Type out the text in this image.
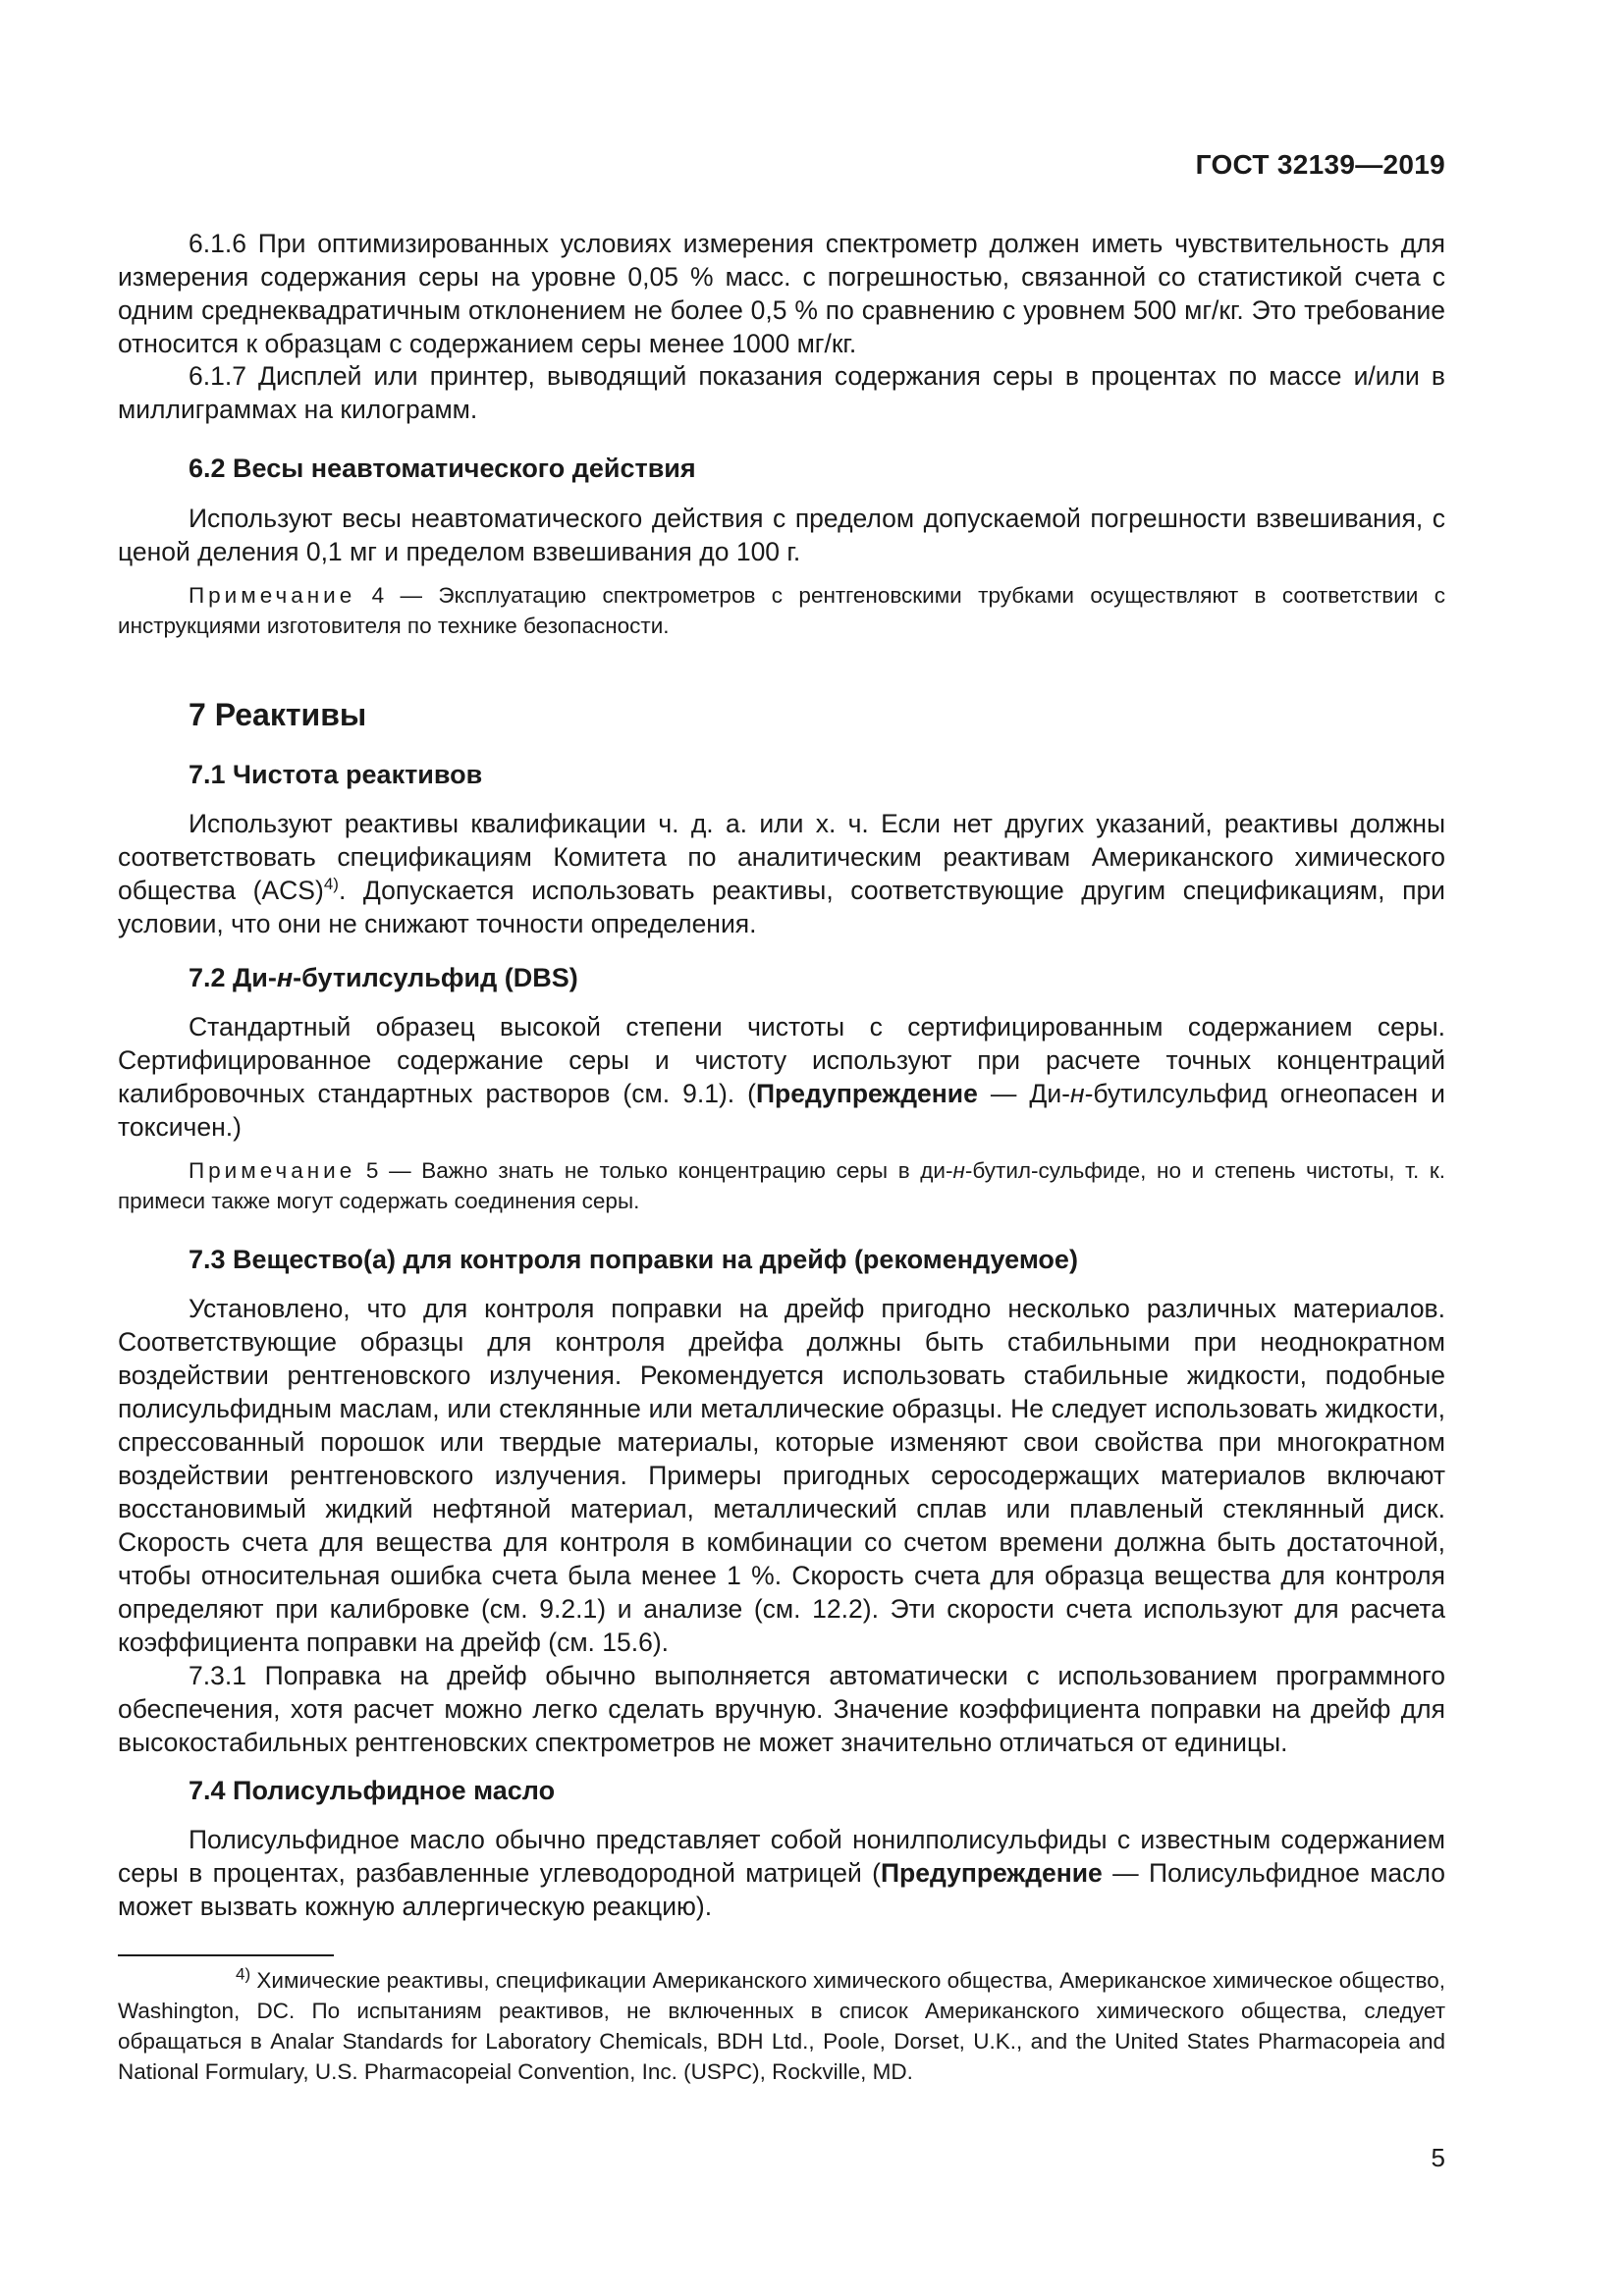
ГОСТ 32139—2019

6.1.6 При оптимизированных условиях измерения спектрометр должен иметь чувствительность для измерения содержания серы на уровне 0,05 % масс. с погрешностью, связанной со статистикой счета с одним среднеквадратичным отклонением не более 0,5 % по сравнению с уровнем 500 мг/кг. Это требование относится к образцам с содержанием серы менее 1000 мг/кг.

6.1.7 Дисплей или принтер, выводящий показания содержания серы в процентах по массе и/или в миллиграммах на килограмм.

6.2 Весы неавтоматического действия

Используют весы неавтоматического действия с пределом допускаемой погрешности взвешивания, с ценой деления 0,1 мг и пределом взвешивания до 100 г.

Примечание 4 — Эксплуатацию спектрометров с рентгеновскими трубками осуществляют в соответствии с инструкциями изготовителя по технике безопасности.

7 Реактивы
7.1 Чистота реактивов

Используют реактивы квалификации ч. д. а. или х. ч. Если нет других указаний, реактивы должны соответствовать спецификациям Комитета по аналитическим реактивам Американского химического общества (ACS)$^{4)}$. Допускается использовать реактивы, соответствующие другим спецификациям, при условии, что они не снижают точности определения.

7.2 Ди-н-бутилсульфид (DBS)

Стандартный образец высокой степени чистоты с сертифицированным содержанием серы. Сертифицированное содержание серы и чистоту используют при расчете точных концентраций калибровочных стандартных растворов (см. 9.1). (Предупреждение — Ди-н-бутилсульфид огнеопасен и токсичен.)

Примечание 5 — Важно знать не только концентрацию серы в ди-н-бутил-сульфиде, но и степень чистоты, т. к. примеси также могут содержать соединения серы.

7.3 Вещество(а) для контроля поправки на дрейф (рекомендуемое)

Установлено, что для контроля поправки на дрейф пригодно несколько различных материалов. Соответствующие образцы для контроля дрейфа должны быть стабильными при неоднократном воздействии рентгеновского излучения. Рекомендуется использовать стабильные жидкости, подобные полисульфидным маслам, или стеклянные или металлические образцы. Не следует использовать жидкости, спрессованный порошок или твердые материалы, которые изменяют свои свойства при многократном воздействии рентгеновского излучения. Примеры пригодных серосодержащих материалов включают восстановимый жидкий нефтяной материал, металлический сплав или плавленый стеклянный диск. Скорость счета для вещества для контроля в комбинации со счетом времени должна быть достаточной, чтобы относительная ошибка счета была менее 1 %. Скорость счета для образца вещества для контроля определяют при калибровке (см. 9.2.1) и анализе (см. 12.2). Эти скорости счета используют для расчета коэффициента поправки на дрейф (см. 15.6).

7.3.1 Поправка на дрейф обычно выполняется автоматически с использованием программного обеспечения, хотя расчет можно легко сделать вручную. Значение коэффициента поправки на дрейф для высокостабильных рентгеновских спектрометров не может значительно отличаться от единицы.

7.4 Полисульфидное масло

Полисульфидное масло обычно представляет собой нонилполисульфиды с известным содержанием серы в процентах, разбавленные углеводородной матрицей (Предупреждение — Полисульфидное масло может вызвать кожную аллергическую реакцию).

$^{4)}$ Химические реактивы, спецификации Американского химического общества, Американское химическое общество, Washington, DC. По испытаниям реактивов, не включенных в список Американского химического общества, следует обращаться в Analar Standards for Laboratory Chemicals, BDH Ltd., Poole, Dorset, U.K., and the United States Pharmacopeia and National Formulary, U.S. Pharmacopeial Convention, Inc. (USPC), Rockville, MD.

5
